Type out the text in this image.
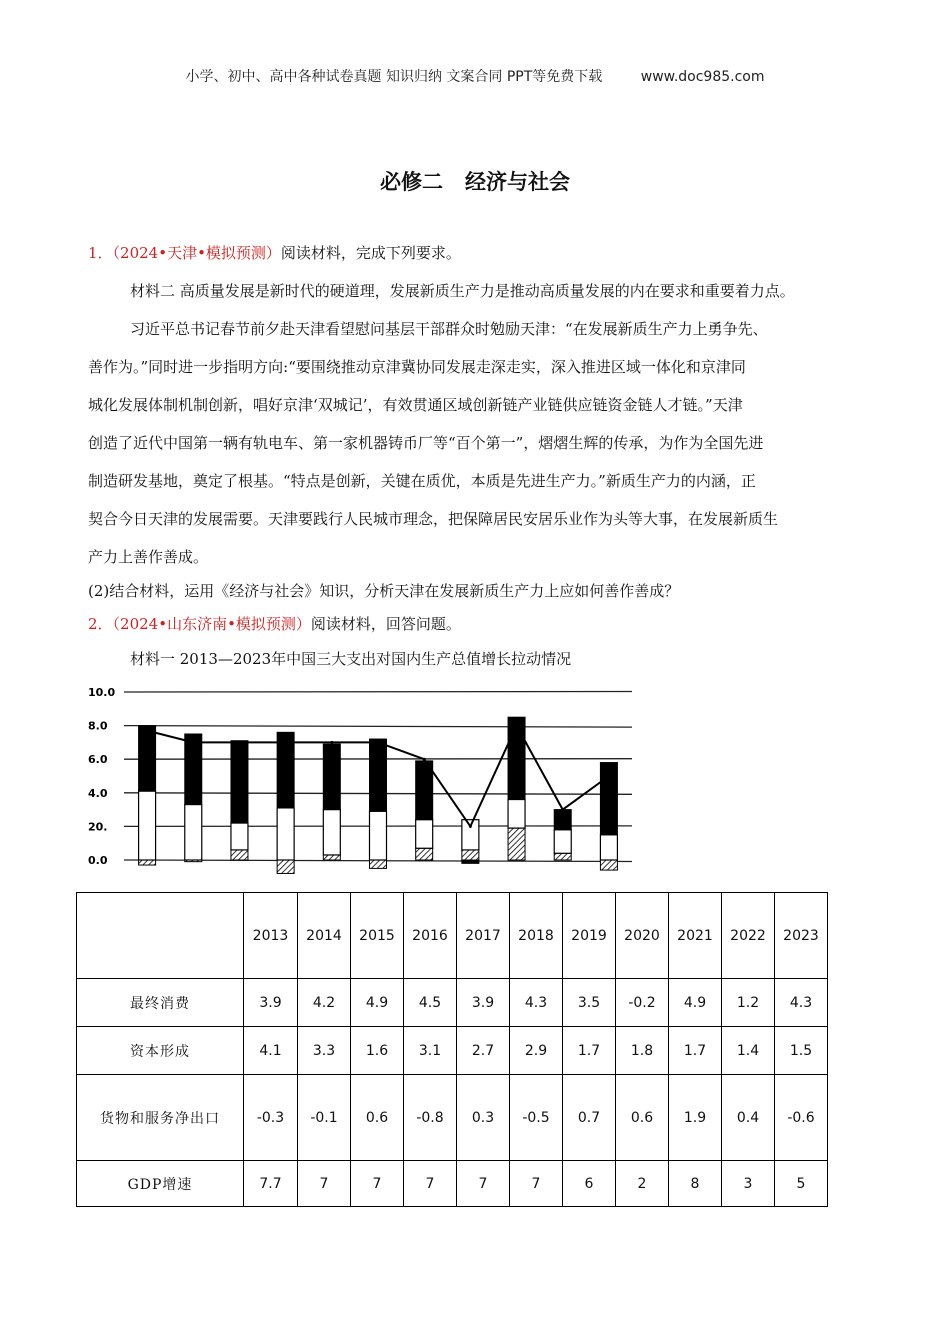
小学、初中、高中各种试卷真题 知识归纳 文案合同 PPT等免费下载	www.doc985.com
必修二 经济与社会
1．（2024•天津•模拟预测）阅读材料，完成下列要求。
材料二 高质量发展是新时代的硬道理，发展新质生产力是推动高质量发展的内在要求和重要着力点。
习近平总书记春节前夕赴天津看望慰问基层干部群众时勉励天津：“在发展新质生产力上勇争先、
善作为。”同时进一步指明方向:“要围绕推动京津冀协同发展走深走实，深入推进区域一体化和京津同
城化发展体制机制创新，唱好京津‘双城记’，有效贯通区域创新链产业链供应链资金链人才链。”天津
创造了近代中国第一辆有轨电车、第一家机器铸币厂等“百个第一”，熠熠生辉的传承，为作为全国先进
制造研发基地，奠定了根基。“特点是创新，关键在质优，本质是先进生产力。”新质生产力的内涵，正
契合今日天津的发展需要。天津要践行人民城市理念，把保障居民安居乐业作为头等大事，在发展新质生
产力上善作善成。
(2)结合材料，运用《经济与社会》知识，分析天津在发展新质生产力上应如何善作善成？
2．（2024•山东济南•模拟预测）阅读材料，回答问题。
材料一 2013—2023年中国三大支出对国内生产总值增长拉动情况
10.0
8.0
6.0
4.0
20.
0.0
	2013	2014	2015	2016	2017	2018	2019	2020	2021	2022	2023
最终消费	3.9	4.2	4.9	4.5	3.9	4.3	3.5	-0.2	4.9	1.2	4.3
资本形成	4.1	3.3	1.6	3.1	2.7	2.9	1.7	1.8	1.7	1.4	1.5
货物和服务净出口	-0.3	-0.1	0.6	-0.8	0.3	-0.5	0.7	0.6	1.9	0.4	-0.6
GDP增速	7.7	7	7	7	7	7	6	2	8	3	5
